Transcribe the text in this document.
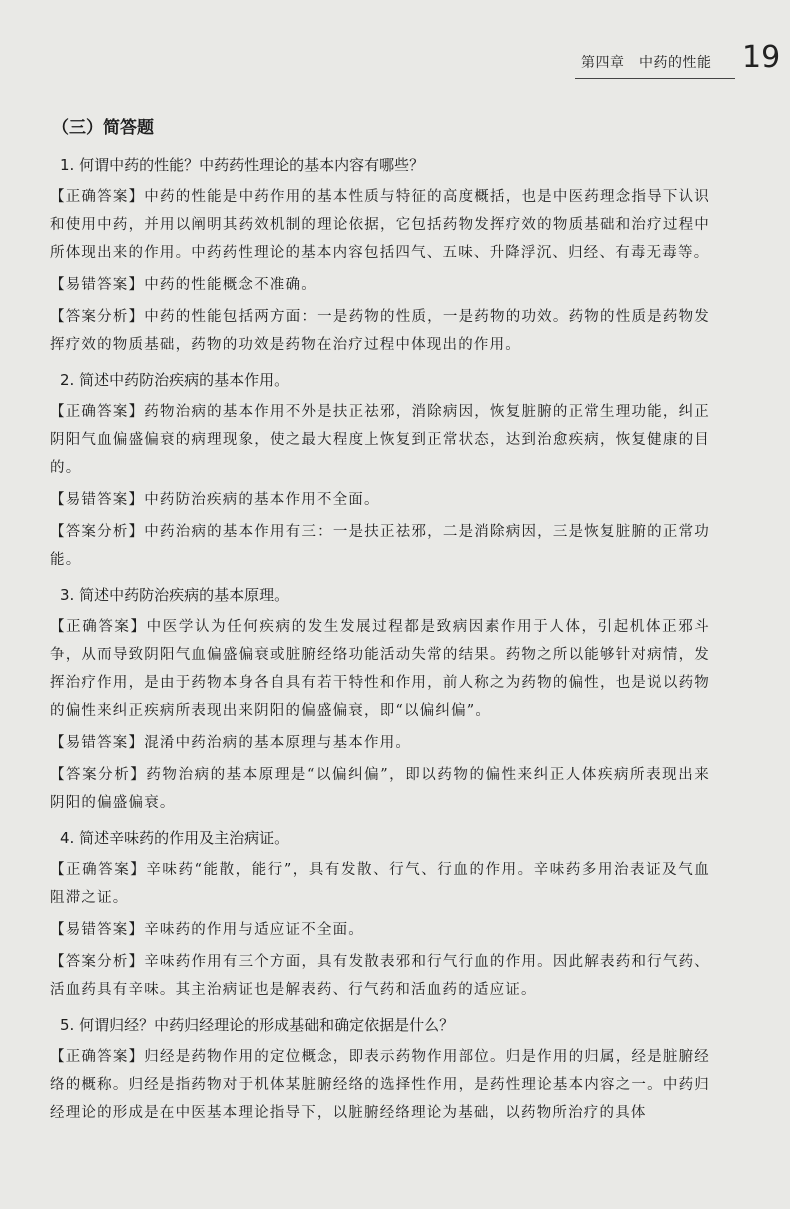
第四章　中药的性能 19
（三）简答题
1. 何谓中药的性能？中药药性理论的基本内容有哪些？

【正确答案】中药的性能是中药作用的基本性质与特征的高度概括，也是中医药理念指导下认识和使用中药，并用以阐明其药效机制的理论依据，它包括药物发挥疗效的物质基础和治疗过程中所体现出来的作用。中药药性理论的基本内容包括四气、五味、升降浮沉、归经、有毒无毒等。

【易错答案】中药的性能概念不准确。

【答案分析】中药的性能包括两方面：一是药物的性质，一是药物的功效。药物的性质是药物发挥疗效的物质基础，药物的功效是药物在治疗过程中体现出的作用。

2. 简述中药防治疾病的基本作用。

【正确答案】药物治病的基本作用不外是扶正祛邪，消除病因，恢复脏腑的正常生理功能，纠正阴阳气血偏盛偏衰的病理现象，使之最大程度上恢复到正常状态，达到治愈疾病，恢复健康的目的。

【易错答案】中药防治疾病的基本作用不全面。

【答案分析】中药治病的基本作用有三：一是扶正祛邪，二是消除病因，三是恢复脏腑的正常功能。

3. 简述中药防治疾病的基本原理。

【正确答案】中医学认为任何疾病的发生发展过程都是致病因素作用于人体，引起机体正邪斗争，从而导致阴阳气血偏盛偏衰或脏腑经络功能活动失常的结果。药物之所以能够针对病情，发挥治疗作用，是由于药物本身各自具有若干特性和作用，前人称之为药物的偏性，也是说以药物的偏性来纠正疾病所表现出来阴阳的偏盛偏衰，即“以偏纠偏”。

【易错答案】混淆中药治病的基本原理与基本作用。

【答案分析】药物治病的基本原理是“以偏纠偏”，即以药物的偏性来纠正人体疾病所表现出来阴阳的偏盛偏衰。

4. 简述辛味药的作用及主治病证。

【正确答案】辛味药“能散，能行”，具有发散、行气、行血的作用。辛味药多用治表证及气血阻滞之证。

【易错答案】辛味药的作用与适应证不全面。

【答案分析】辛味药作用有三个方面，具有发散表邪和行气行血的作用。因此解表药和行气药、活血药具有辛味。其主治病证也是解表药、行气药和活血药的适应证。

5. 何谓归经？中药归经理论的形成基础和确定依据是什么？

【正确答案】归经是药物作用的定位概念，即表示药物作用部位。归是作用的归属，经是脏腑经络的概称。归经是指药物对于机体某脏腑经络的选择性作用，是药性理论基本内容之一。中药归经理论的形成是在中医基本理论指导下，以脏腑经络理论为基础，以药物所治疗的具体
